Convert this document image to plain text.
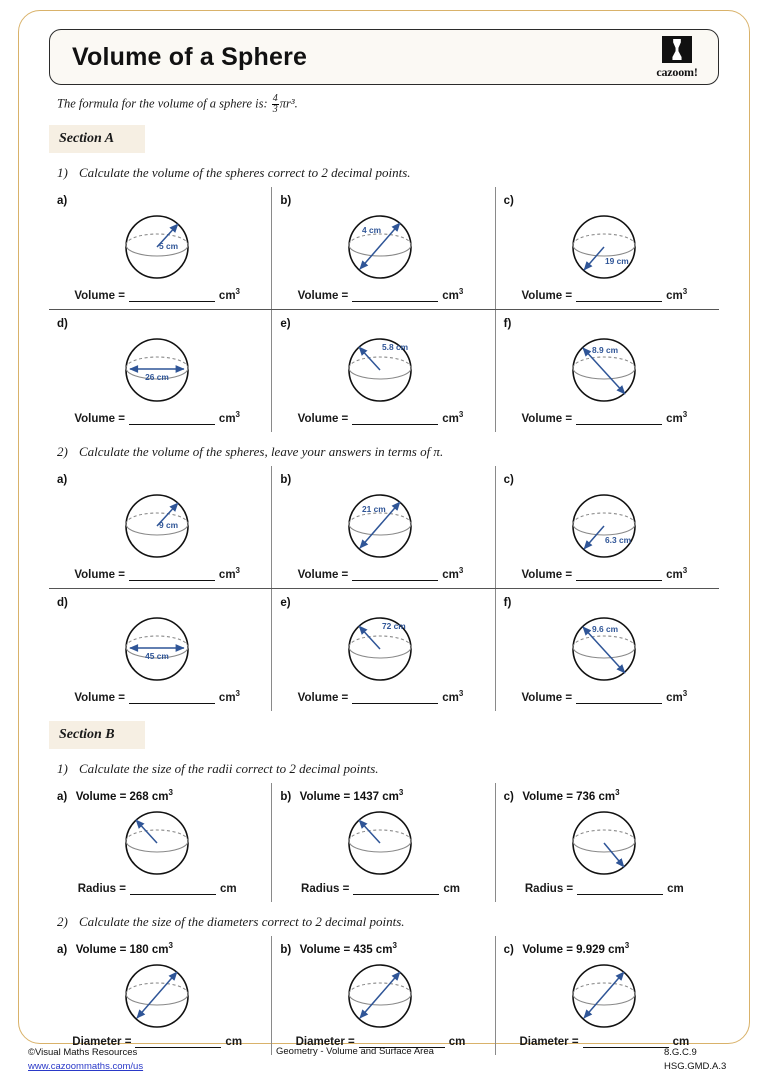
Volume of a Sphere
cazoom!
The formula for the volume of a sphere is: $\frac{4}{3} \pi r^3$.
Section A
1) Calculate the volume of the spheres correct to 2 decimal points.
a)
5 cm
Volume =	$cm^3$
b)
4 cm
Volume =	$cm^3$
c)
19 cm
Volume =	$cm^3$
d)
26 cm
Volume =	$cm^3$
e)
5.8 cm
Volume =	$cm^3$
f)
8.9 cm
Volume =	$cm^3$
2) Calculate the volume of the spheres, leave your answers in terms of π.
a)
9 cm
Volume =	$cm^3$
b)
21 cm
Volume =	$cm^3$
c)
6.3 cm
Volume =	$cm^3$
d)
45 cm
Volume =	$cm^3$
e)
72 cm
Volume =	$cm^3$
f)
9.6 cm
Volume =	$cm^3$
Section B
1) Calculate the size of the radii correct to 2 decimal points.
a) Volume = 268 $cm^3$
Radius =	cm
b) Volume = 1437 $cm^3$
Radius =	cm
c) Volume = 736 $cm^3$
Radius =	cm
2) Calculate the size of the diameters correct to 2 decimal points.
a) Volume = 180 $cm^3$
Diameter =	cm
b) Volume = 435 $cm^3$
Diameter =	cm
c) Volume = 9.929 $cm^3$
Diameter =	cm
©Visual Maths Resources
www.cazoommaths.com/us
Geometry - Volume and Surface Area	8.G.C.9
HSG.GMD.A.3
